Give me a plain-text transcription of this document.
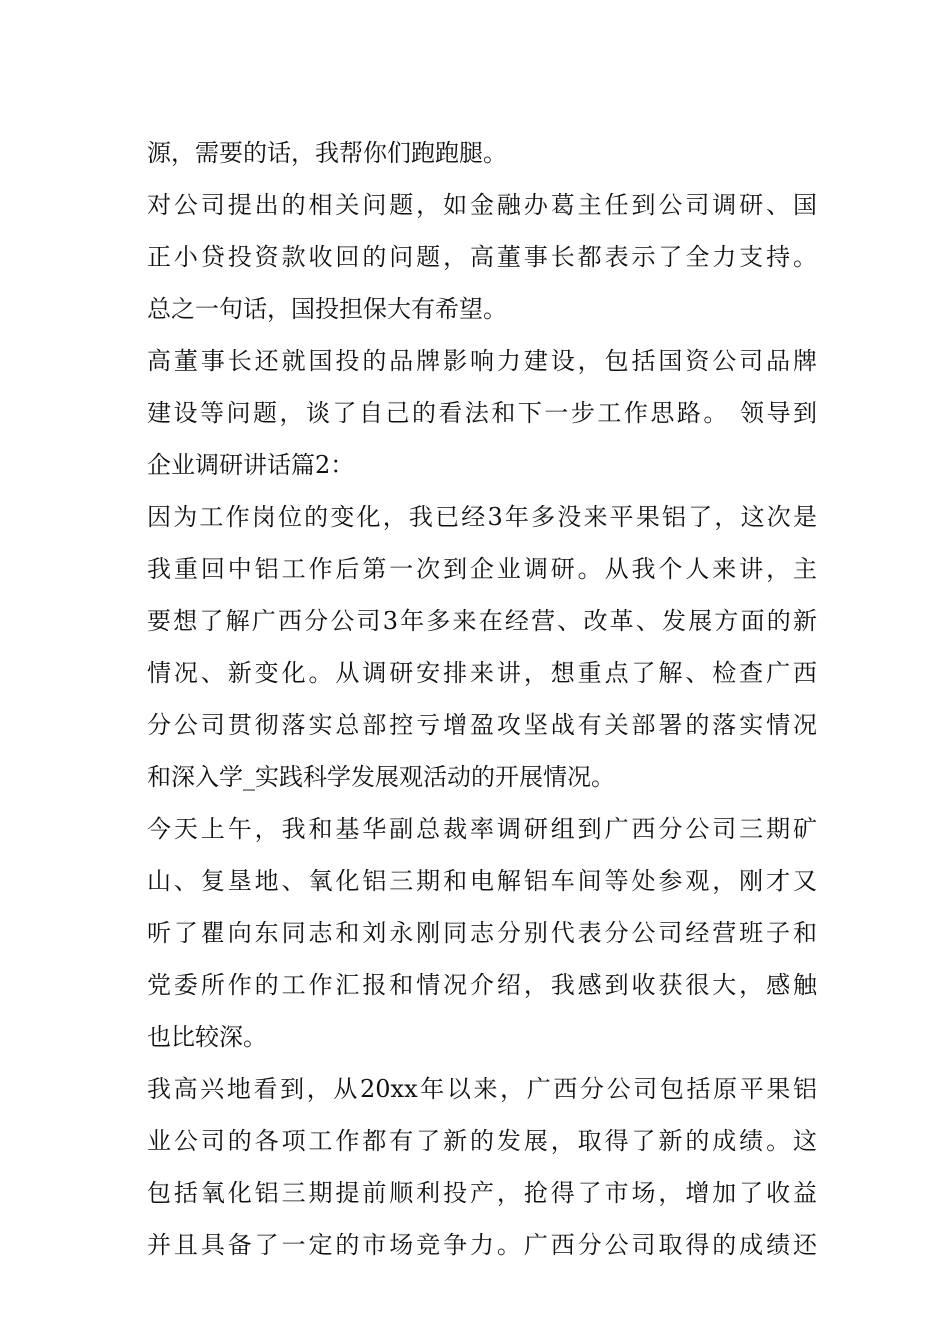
源，需要的话，我帮你们跑跑腿。
对公司提出的相关问题，如金融办葛主任到公司调研、国
正小贷投资款收回的问题，高董事长都表示了全力支持。
总之一句话，国投担保大有希望。
高董事长还就国投的品牌影响力建设，包括国资公司品牌
建设等问题，谈了自己的看法和下一步工作思路。 领导到
企业调研讲话篇2：
因为工作岗位的变化，我已经3年多没来平果铝了，这次是
我重回中铝工作后第一次到企业调研。从我个人来讲，主
要想了解广西分公司3年多来在经营、改革、发展方面的新
情况、新变化。从调研安排来讲，想重点了解、检查广西
分公司贯彻落实总部控亏增盈攻坚战有关部署的落实情况
和深入学_实践科学发展观活动的开展情况。
今天上午，我和基华副总裁率调研组到广西分公司三期矿
山、复垦地、氧化铝三期和电解铝车间等处参观，刚才又
听了瞿向东同志和刘永刚同志分别代表分公司经营班子和
党委所作的工作汇报和情况介绍，我感到收获很大，感触
也比较深。
我高兴地看到，从20xx年以来，广西分公司包括原平果铝
业公司的各项工作都有了新的发展，取得了新的成绩。这
包括氧化铝三期提前顺利投产，抢得了市场，增加了收益
并且具备了一定的市场竞争力。广西分公司取得的成绩还
